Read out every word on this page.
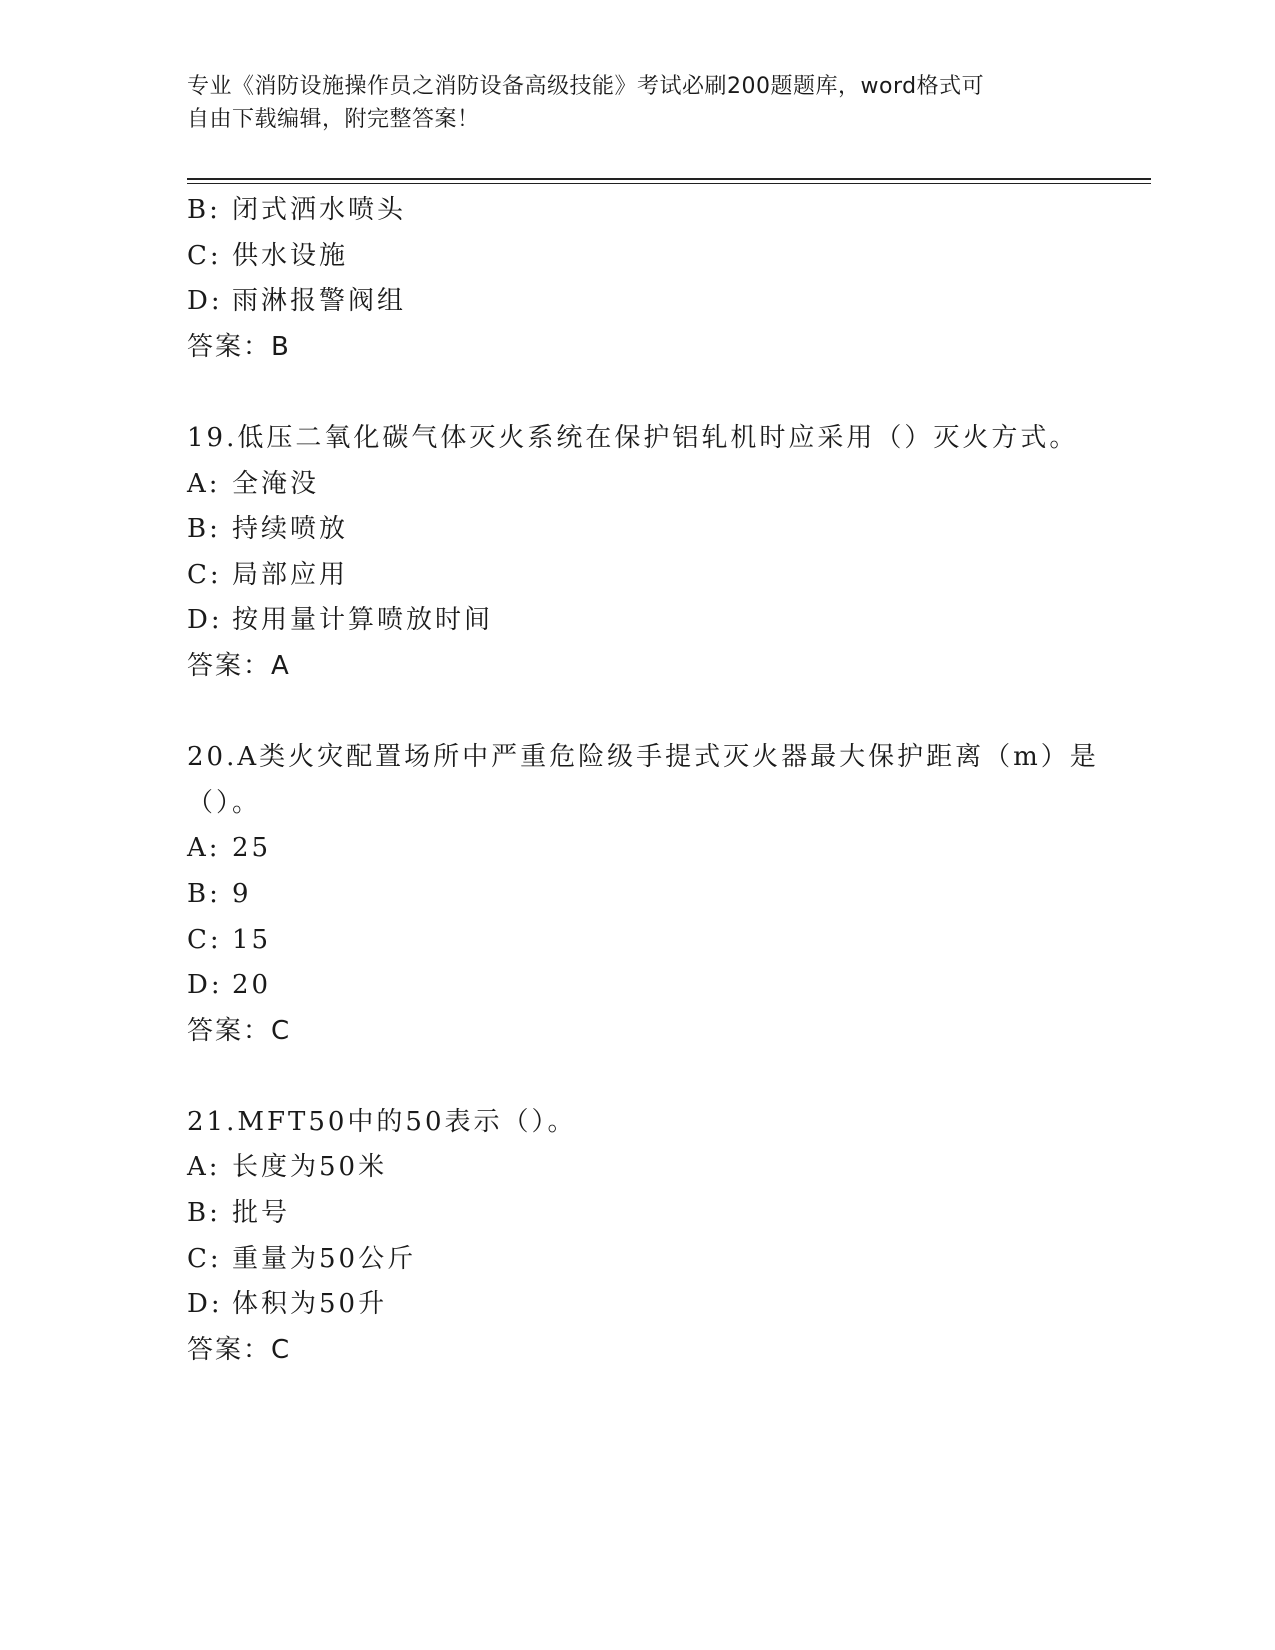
专业《消防设施操作员之消防设备高级技能》考试必刷200题题库，word格式可
自由下载编辑，附完整答案！
B: 闭式洒水喷头
C: 供水设施
D: 雨淋报警阀组
答案：B
19.低压二氧化碳气体灭火系统在保护铝轧机时应采用（）灭火方式。
A: 全淹没
B: 持续喷放
C: 局部应用
D: 按用量计算喷放时间
答案：A
20.A类火灾配置场所中严重危险级手提式灭火器最大保护距离（m）是
（）。
A: 25
B: 9
C: 15
D: 20
答案：C
21.MFT50中的50表示（）。
A: 长度为50米
B: 批号
C: 重量为50公斤
D: 体积为50升
答案：C
